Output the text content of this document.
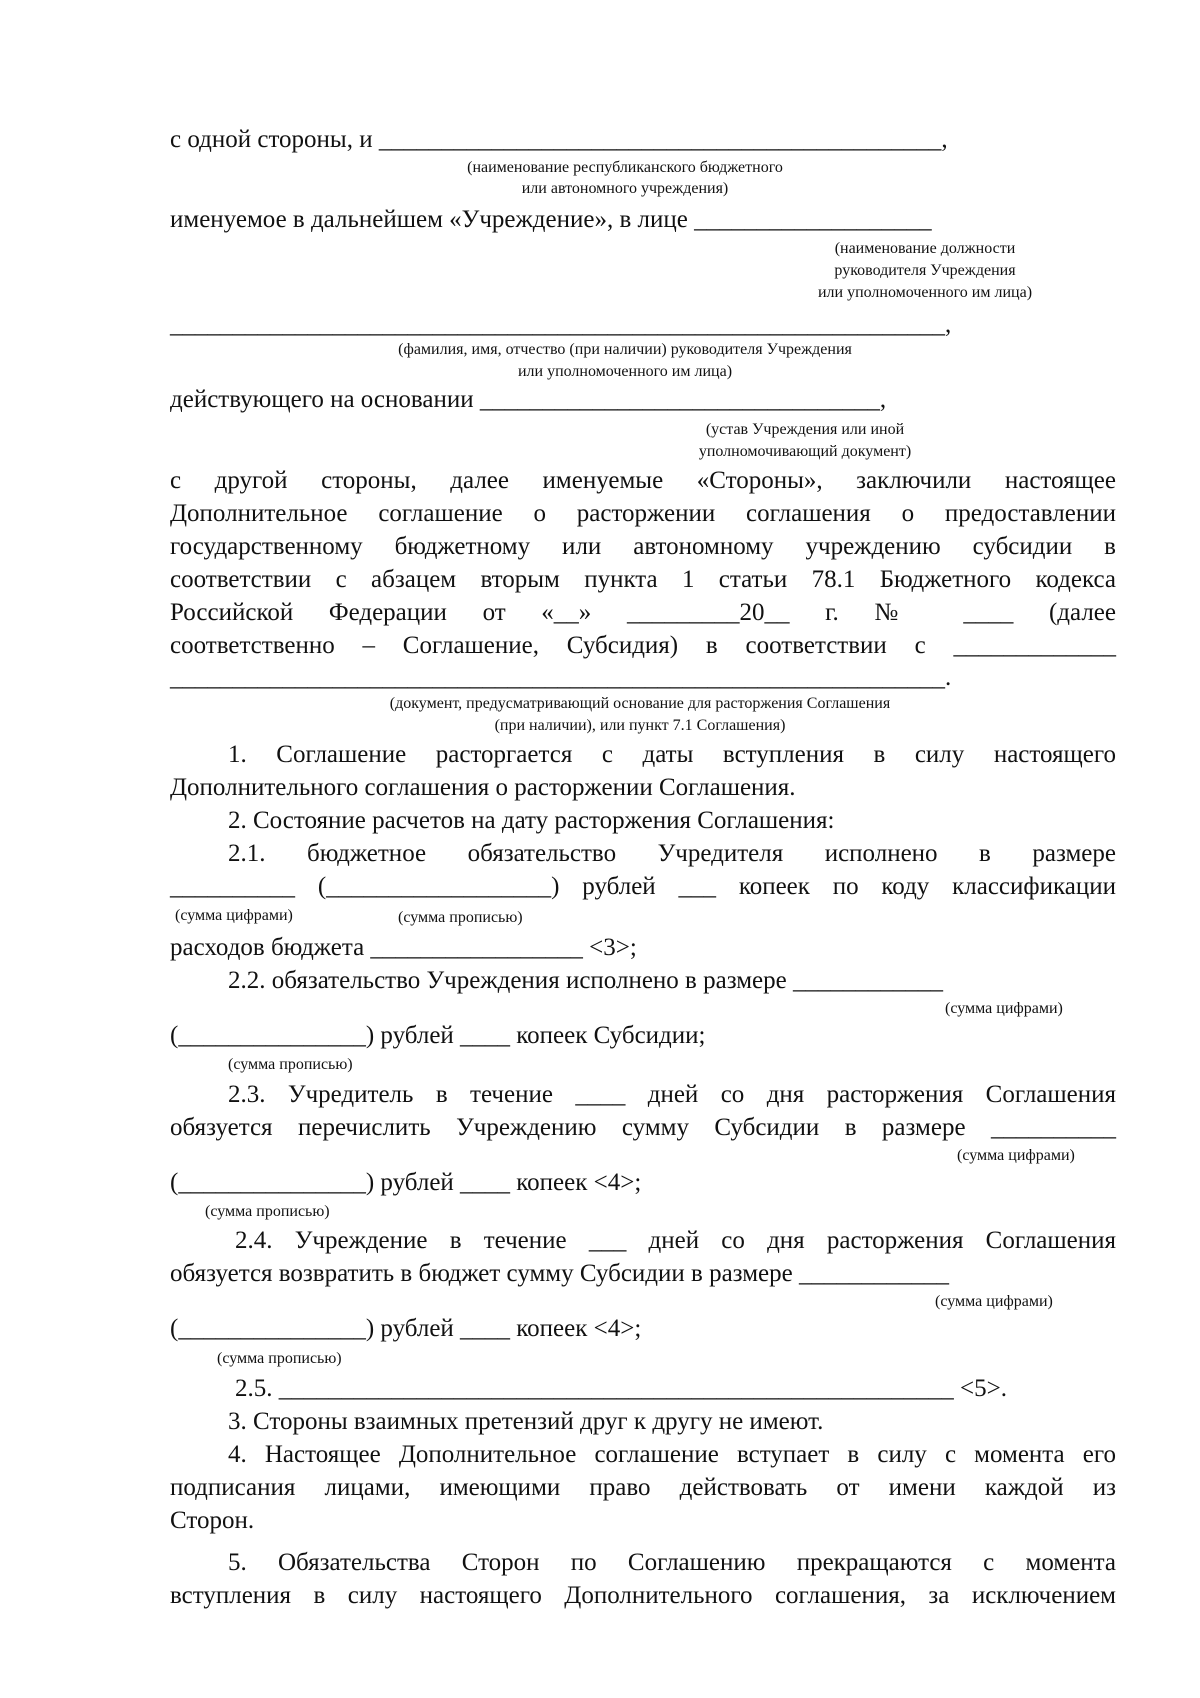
с одной стороны, и _____________________________________________,
(наименование республиканского бюджетного
или автономного учреждения)
именуемое в дальнейшем «Учреждение», в лице ___________________
(наименование должности
руководителя Учреждения
или уполномоченного им лица)
______________________________________________________________,
(фамилия, имя, отчество (при наличии) руководителя Учреждения
или уполномоченного им лица)
действующего на основании ________________________________,
(устав Учреждения или иной
уполномочивающий документ)
с другой стороны, далее именуемые «Стороны», заключили настоящее
Дополнительное соглашение о расторжении соглашения о предоставлении
государственному бюджетному или автономному учреждению субсидии в
соответствии с абзацем вторым пункта 1 статьи 78.1 Бюджетного кодекса
Российской Федерации от «__» _________20__ г. № ____ (далее
соответственно – Соглашение, Субсидия) в соответствии с _____________
______________________________________________________________.
(документ, предусматривающий основание для расторжения Соглашения
(при наличии), или пункт 7.1 Соглашения)
1. Соглашение расторгается с даты вступления в силу настоящего
Дополнительного соглашения о расторжении Соглашения.
2. Состояние расчетов на дату расторжения Соглашения:
2.1. бюджетное обязательство Учредителя исполнено в размере
__________ (__________________) рублей ___ копеек по коду классификации
(сумма цифрами)	(сумма прописью)
расходов бюджета _________________ <3>;
2.2. обязательство Учреждения исполнено в размере ____________
(сумма цифрами)
(_______________) рублей ____ копеек Субсидии;
(сумма прописью)
2.3. Учредитель в течение ____ дней со дня расторжения Соглашения
обязуется перечислить Учреждению сумму Субсидии в размере __________
(сумма цифрами)
(_______________) рублей ____ копеек <4>;
(сумма прописью)
2.4. Учреждение в течение ___ дней со дня расторжения Соглашения
обязуется возвратить в бюджет сумму Субсидии в размере ____________
(сумма цифрами)
(_______________) рублей ____ копеек <4>;
(сумма прописью)
2.5. ______________________________________________________ <5>.
3. Стороны взаимных претензий друг к другу не имеют.
4. Настоящее Дополнительное соглашение вступает в силу с момента его
подписания лицами, имеющими право действовать от имени каждой из
Сторон.
5. Обязательства Сторон по Соглашению прекращаются с момента
вступления в силу настоящего Дополнительного соглашения, за исключением
